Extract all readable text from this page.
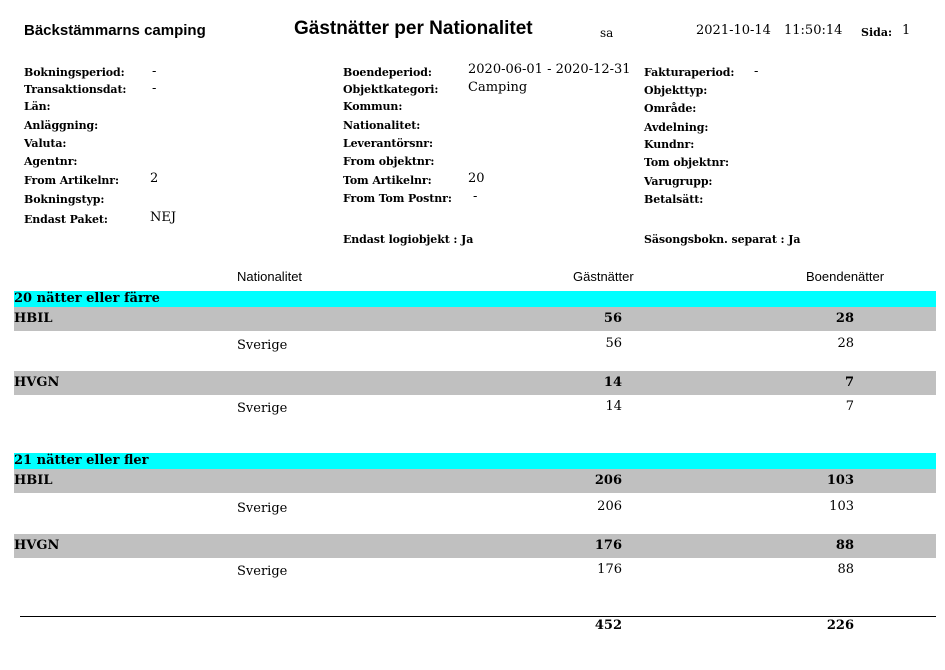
Bäckstämmarns camping	Gästnätter per Nationalitet	sa	2021-10-14 11:50:14 Sida: 1
Bokningsperiod: -
Transaktionsdat: -
Län:
Anläggning:
Valuta:
Agentnr:
From Artikelnr: 2
Bokningstyp:
Endast Paket:	NEJ
Boendeperiod:	2020-06-01 - 2020-12-31
Objektkategori: Camping
Kommun:
Nationalitet:
Leverantörsnr:
From objektnr:
Tom Artikelnr:	20
From Tom Postnr: -
Endast logiobjekt : Ja
Fakturaperiod: -
Objekttyp:
Område:
Avdelning:
Kundnr:
Tom objektnr:
Varugrupp:
Betalsätt:
Säsongsbokn. separat : Ja
Nationalitet	Gästnätter	Boendenätter
20 nätter eller färre
HBIL	56	28
Sverige	56	28
HVGN	14	7
Sverige	14	7
21 nätter eller fler
HBIL	206	103
Sverige	206	103
HVGN	176	88
Sverige	176	88
452	226
